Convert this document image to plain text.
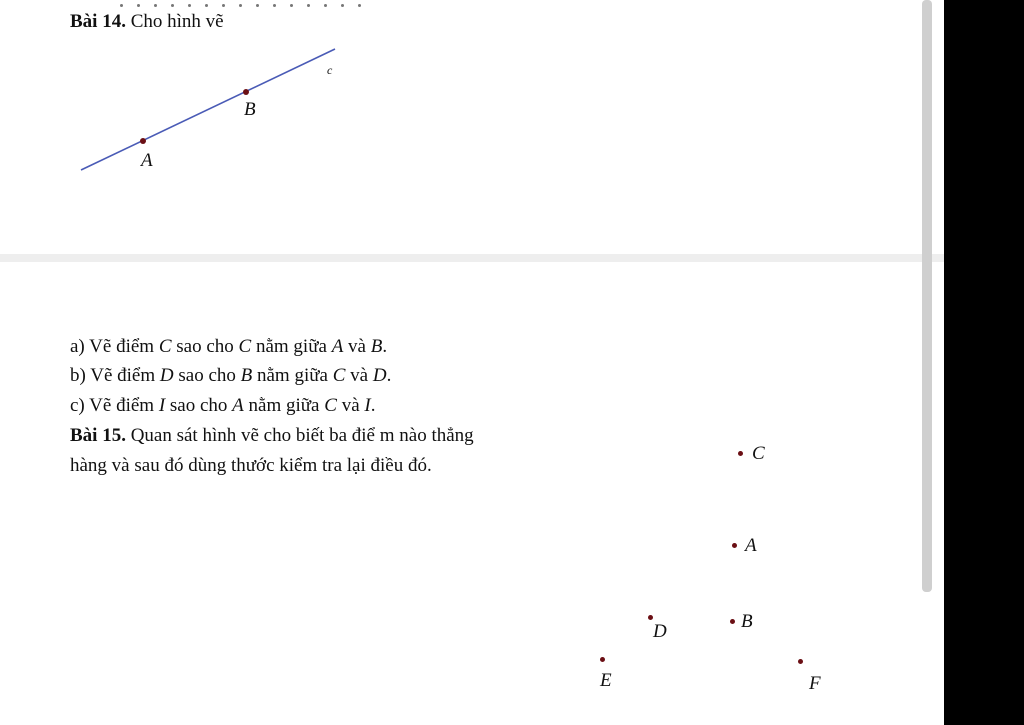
Bài 14. Cho hình vẽ
c
B
A
a) Vẽ điểm C sao cho C nằm giữa A và B.
b) Vẽ điểm D sao cho B nằm giữa C và D.
c) Vẽ điểm I sao cho A nằm giữa C và I.
Bài 15. Quan sát hình vẽ cho biết ba điể m nào thẳng
hàng và sau đó dùng thước kiểm tra lại điều đó.
C
A
D	B
E	F
